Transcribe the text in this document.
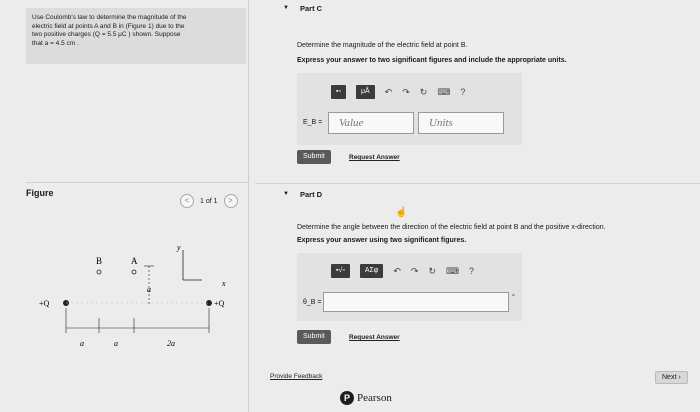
Use Coulomb's law to determine the magnitude of the
electric field at points A and B in (Figure 1) due to the
two positive charges (Q = 5.5 μC ) shown. Suppose
that a = 4.5 cm .
Figure
<	1 of 1	>
B	A
y
x
a
+Q	+Q
a	a	2a
▼ Part C
Determine the magnitude of the electric field at point B.
Express your answer to two significant figures and include the appropriate units.
▪▫	μÅ	↶ ↷ ↻ ⌨ ?
E_B =
Value
Units
Submit	Request Answer
▼ Part D
☝
Determine the angle between the direction of the electric field at point B and the positive x-direction.
Express your answer using two significant figures.
▪√▫	ΑΣφ	↶ ↷ ↻ ⌨ ?
θ_B =
°
Submit	Request Answer
Provide Feedback	Next ›
P Pearson
